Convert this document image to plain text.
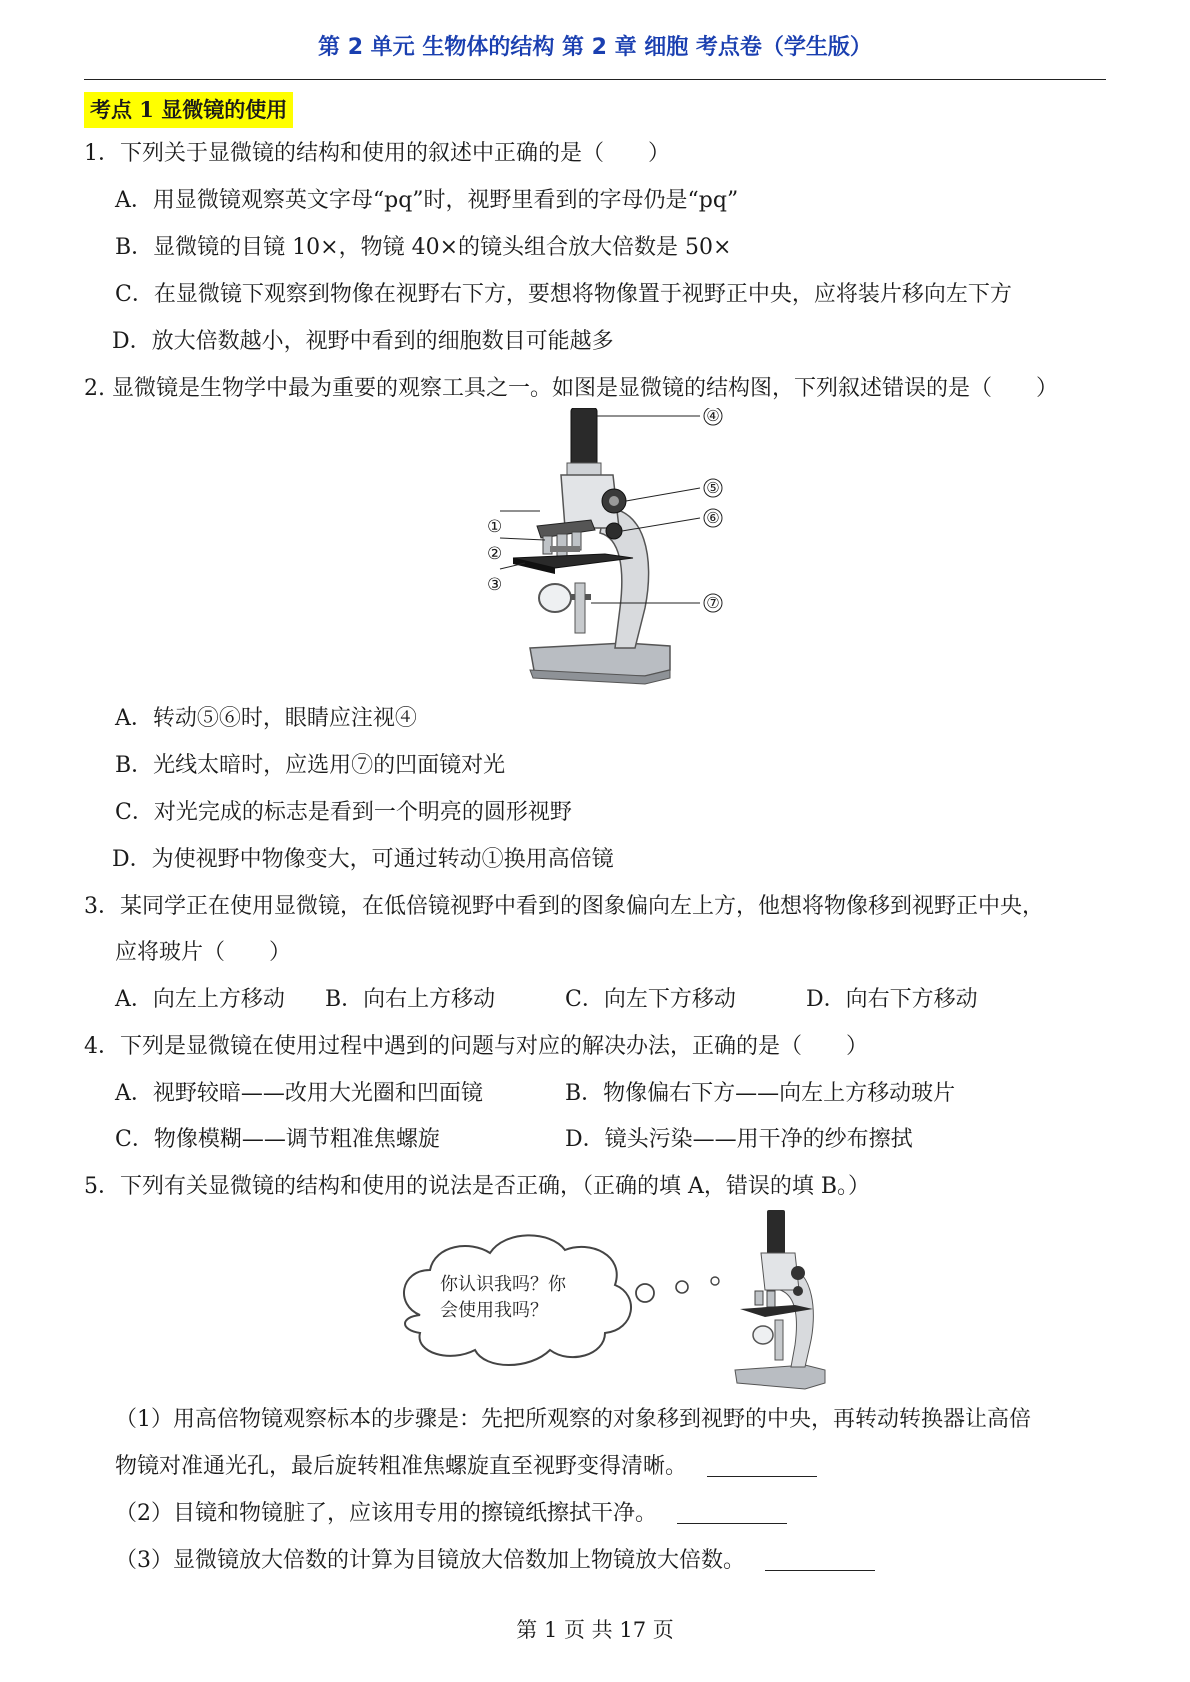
第 2 单元 生物体的结构 第 2 章 细胞 考点卷（学生版）
考点 1 显微镜的使用
1．下列关于显微镜的结构和使用的叙述中正确的是（　　）
A．用显微镜观察英文字母“pq”时，视野里看到的字母仍是“pq”
B．显微镜的目镜 10×，物镜 40×的镜头组合放大倍数是 50×
C．在显微镜下观察到物像在视野右下方，要想将物像置于视野正中央，应将装片移向左下方
D．放大倍数越小，视野中看到的细胞数目可能越多
2. 显微镜是生物学中最为重要的观察工具之一。如图是显微镜的结构图，下列叙述错误的是（　　）
④
⑤
⑥
⑦
①
②
③
A．转动⑤⑥时，眼睛应注视④
B．光线太暗时，应选用⑦的凹面镜对光
C．对光完成的标志是看到一个明亮的圆形视野
D．为使视野中物像变大，可通过转动①换用高倍镜
3．某同学正在使用显微镜，在低倍镜视野中看到的图象偏向左上方，他想将物像移到视野正中央，
应将玻片（　　）
A．向左上方移动 B．向右上方移动	C．向左下方移动	D．向右下方移动
4．下列是显微镜在使用过程中遇到的问题与对应的解决办法，正确的是（　　）
A．视野较暗——改用大光圈和凹面镜	B．物像偏右下方——向左上方移动玻片
C．物像模糊——调节粗准焦螺旋	D．镜头污染——用干净的纱布擦拭
5．下列有关显微镜的结构和使用的说法是否正确，（正确的填 A，错误的填 B。）
你认识我吗？你
会使用我吗？
（1）用高倍物镜观察标本的步骤是：先把所观察的对象移到视野的中央，再转动转换器让高倍
物镜对准通光孔，最后旋转粗准焦螺旋直至视野变得清晰。
（2）目镜和物镜脏了，应该用专用的擦镜纸擦拭干净。
（3）显微镜放大倍数的计算为目镜放大倍数加上物镜放大倍数。
第 1 页 共 17 页
